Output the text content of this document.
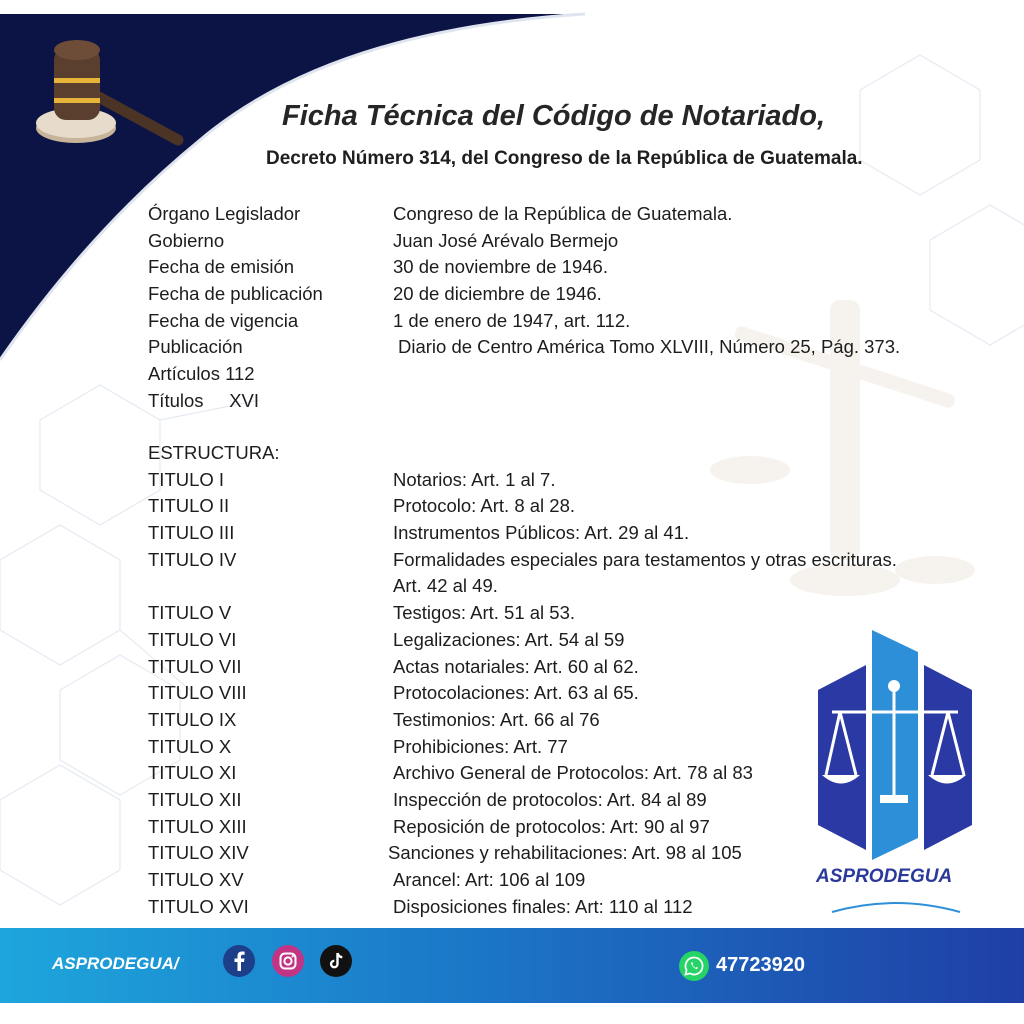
Ficha Técnica del Código de Notariado,
Decreto Número 314, del Congreso de la República de Guatemala.
Órgano Legislador	Congreso de la República de Guatemala.
Gobierno	Juan José Arévalo Bermejo
Fecha de emisión	30 de noviembre de 1946.
Fecha de publicación	20 de diciembre de 1946.
Fecha de vigencia	1 de enero de 1947, art. 112.
Publicación	Diario de Centro América Tomo XLVIII, Número 25, Pág. 373.
Artículos 112
Títulos     XVI
ESTRUCTURA:
TITULO I	Notarios: Art. 1 al 7.
TITULO II	Protocolo: Art. 8 al 28.
TITULO III	Instrumentos Públicos: Art. 29 al 41.
TITULO IV	Formalidades especiales para testamentos y otras escrituras.
Art. 42 al 49.
TITULO V	Testigos: Art. 51 al 53.
TITULO VI	Legalizaciones: Art. 54 al 59
TITULO VII	Actas notariales: Art. 60 al 62.
TITULO VIII	Protocolaciones: Art. 63 al 65.
TITULO IX	Testimonios: Art. 66 al 76
TITULO X	Prohibiciones: Art. 77
TITULO XI	Archivo General de Protocolos: Art. 78 al 83
TITULO XII	Inspección de protocolos: Art. 84 al 89
TITULO XIII	Reposición de protocolos: Art: 90 al 97
TITULO XIV	Sanciones y rehabilitaciones: Art. 98 al 105
TITULO XV	Arancel: Art: 106 al 109
TITULO XVI	Disposiciones finales: Art: 110 al 112
ASPRODEGUA
ASPRODEGUA/	47723920
